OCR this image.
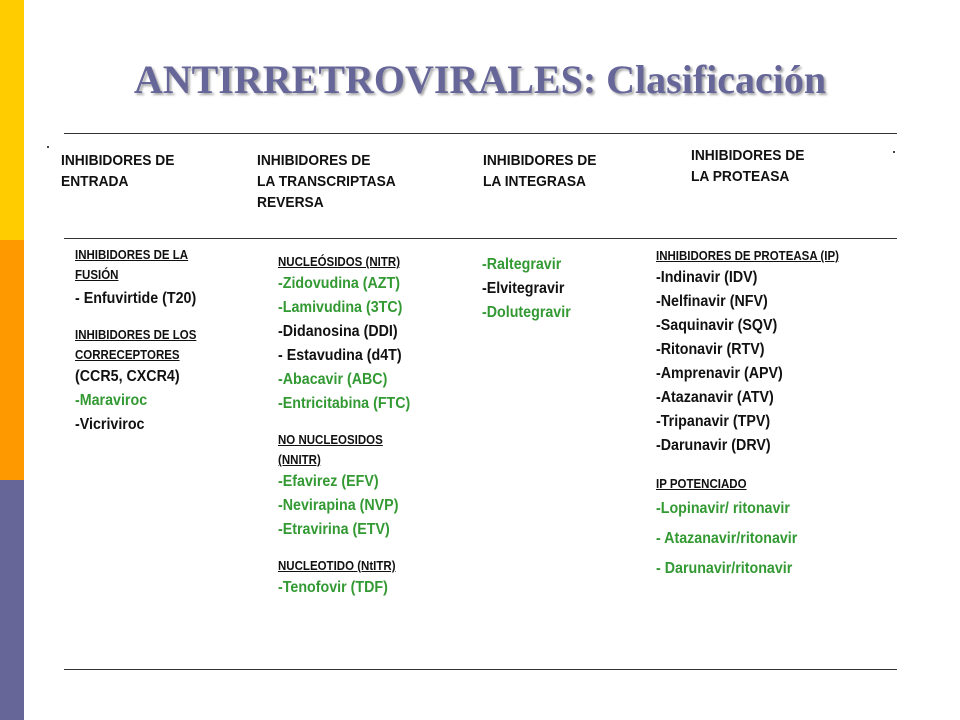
ANTIRRETROVIRALES: Clasificación
INHIBIDORES DE
ENTRADA
INHIBIDORES DE
LA TRANSCRIPTASA
REVERSA
INHIBIDORES DE
LA INTEGRASA
INHIBIDORES DE
LA PROTEASA
INHIBIDORES DE LA
FUSIÓN
- Enfuvirtide (T20)
INHIBIDORES DE LOS
CORRECEPTORES
(CCR5, CXCR4)
-Maraviroc
-Vicriviroc
NUCLEÓSIDOS (NITR)
-Zidovudina (AZT)
-Lamivudina (3TC)
-Didanosina (DDI)
- Estavudina (d4T)
-Abacavir (ABC)
-Entricitabina (FTC)
NO NUCLEOSIDOS
(NNITR)
-Efavirez (EFV)
-Nevirapina (NVP)
-Etravirina (ETV)
NUCLEOTIDO (NtITR)
-Tenofovir (TDF)
-Raltegravir
-Elvitegravir
-Dolutegravir
INHIBIDORES DE PROTEASA (IP)
-Indinavir (IDV)
-Nelfinavir (NFV)
-Saquinavir (SQV)
-Ritonavir (RTV)
-Amprenavir (APV)
-Atazanavir (ATV)
-Tripanavir (TPV)
-Darunavir (DRV)
IP POTENCIADO
-Lopinavir/ ritonavir
- Atazanavir/ritonavir
- Darunavir/ritonavir
